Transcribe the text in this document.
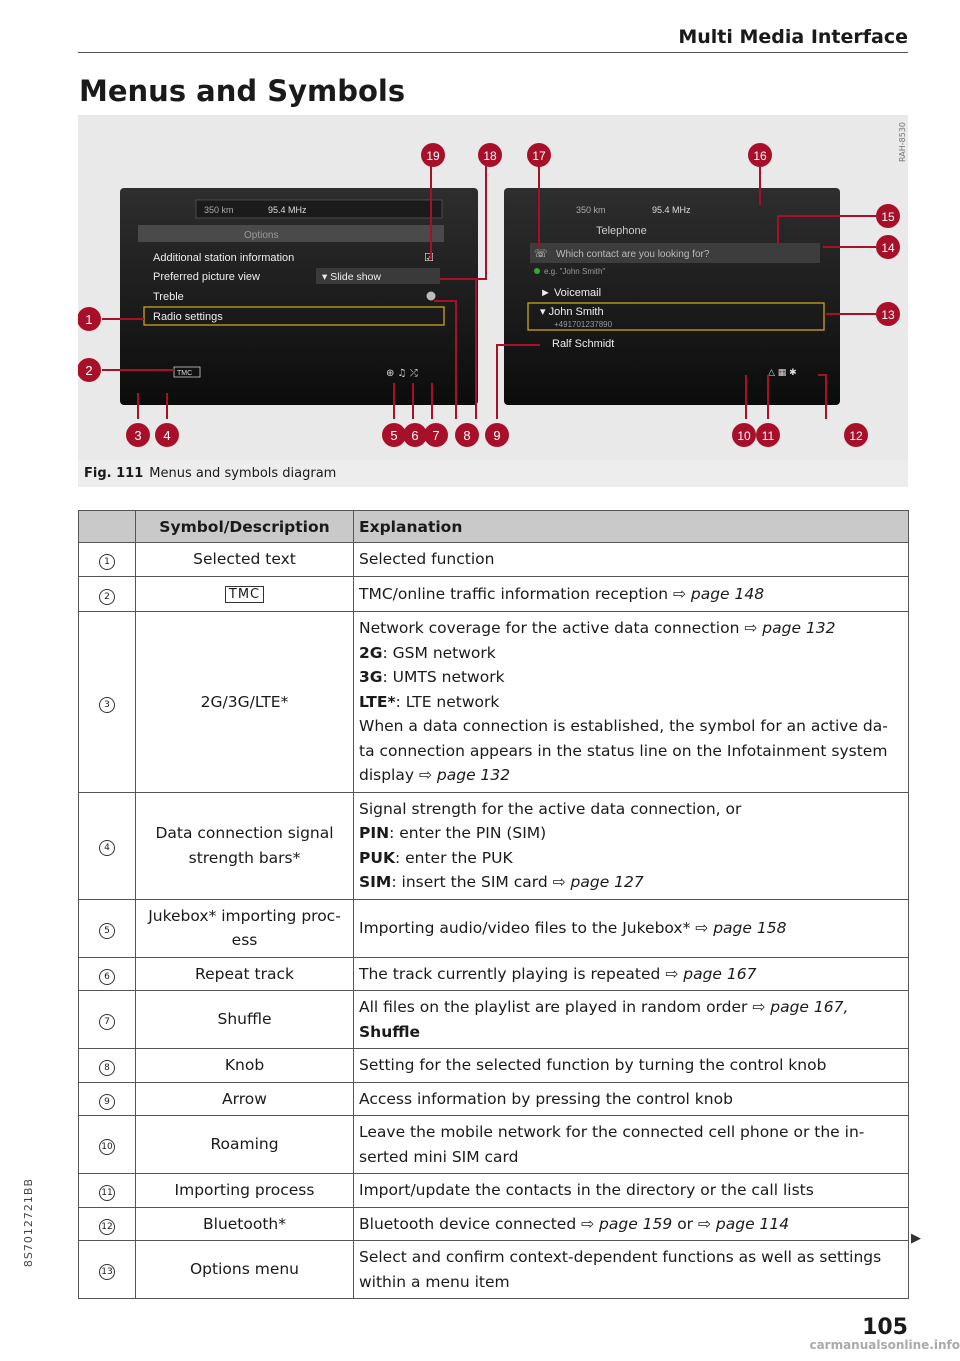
Multi Media Interface
Menus and Symbols
350 km	95.4 MHz
Options
Additional station information	☑
Preferred picture view	▾ Slide show
Treble
Radio settings
TMC	⊕ ♫ ⤮
350 km	95.4 MHz
Telephone
☏ Which contact are you looking for?
e.g. "John Smith"
► Voicemail
▾ John Smith
+491701237890
Ralf Schmidt
△ ▦ ✱
1
2
3 4	5 6 7 8 9	10 11	12
13
14
15
16
17
18
19	RAH-8530
Fig. 111 Menus and symbols diagram
	Symbol/Description	Explanation
1	Selected text	Selected function
2	TMC	TMC/online traffic information reception ⇨ page 148
3	2G/3G/LTE*	Network coverage for the active data connection ⇨ page 132
2G: GSM network
3G: UMTS network
LTE*: LTE network
When a data connection is established, the symbol for an active da-ta connection appears in the status line on the Infotainment system display ⇨ page 132

4	Data connection signal strength bars*	Signal strength for the active data connection, or
PIN: enter the PIN (SIM)
PUK: enter the PUK
SIM: insert the SIM card ⇨ page 127

5	Jukebox* importing proc-ess	Importing audio/video files to the Jukebox* ⇨ page 158
6	Repeat track	The track currently playing is repeated ⇨ page 167
7	Shuffle	All files on the playlist are played in random order ⇨ page 167,
Shuffle
8	Knob	Setting for the selected function by turning the control knob
9	Arrow	Access information by pressing the control knob
10	Roaming	Leave the mobile network for the connected cell phone or the in-serted mini SIM card
11	Importing process	Import/update the contacts in the directory or the call lists
12	Bluetooth*	Bluetooth device connected ⇨ page 159 or ⇨ page 114
13	Options menu	Select and confirm context-dependent functions as well as settings within a menu item
▶
8S7012721BB
105
carmanualsonline.info
